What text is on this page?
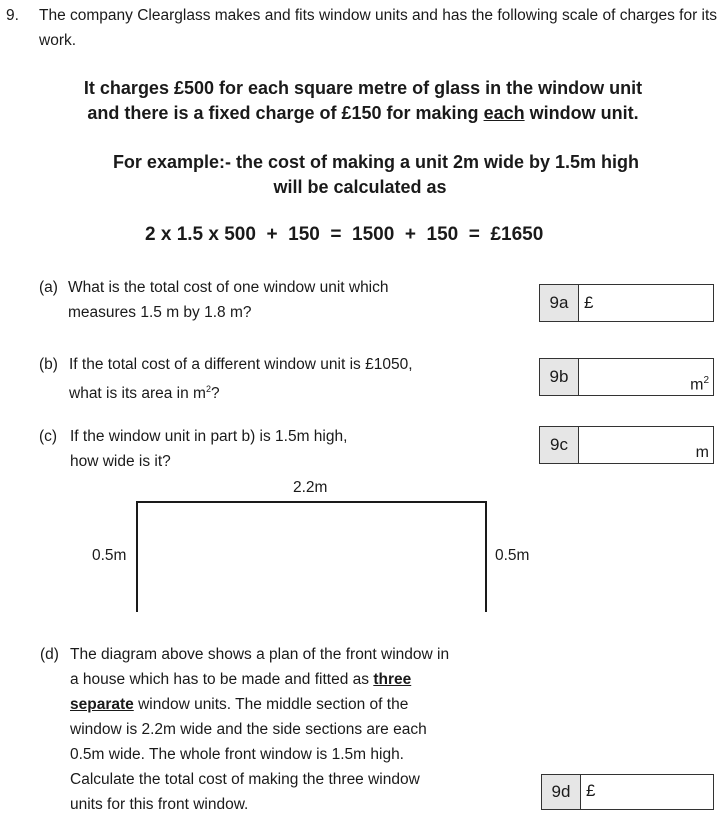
9. The company Clearglass makes and fits window units and has the following scale of charges for its work.
It charges £500 for each square metre of glass in the window unit
and there is a fixed charge of £150 for making each window unit.
For example:- the cost of making a unit 2m wide by 1.5m high
will be calculated as
2 x 1.5 x 500  +  150  =  1500  +  150  =  £1650
(a) What is the total cost of one window unit which
measures 1.5 m by 1.8 m?
9a £
(b) If the total cost of a different window unit is £1050,
what is its area in $m^2$?
9b	$m^2$
(c) If the window unit in part b) is 1.5m high,
how wide is it?
9c	m
2.2m
0.5m	0.5m
(d) The diagram above shows a plan of the front window in
a house which has to be made and fitted as three
separate window units. The middle section of the
window is 2.2m wide and the side sections are each
0.5m wide. The whole front window is 1.5m high.
Calculate the total cost of making the three window
units for this front window.
9d £
